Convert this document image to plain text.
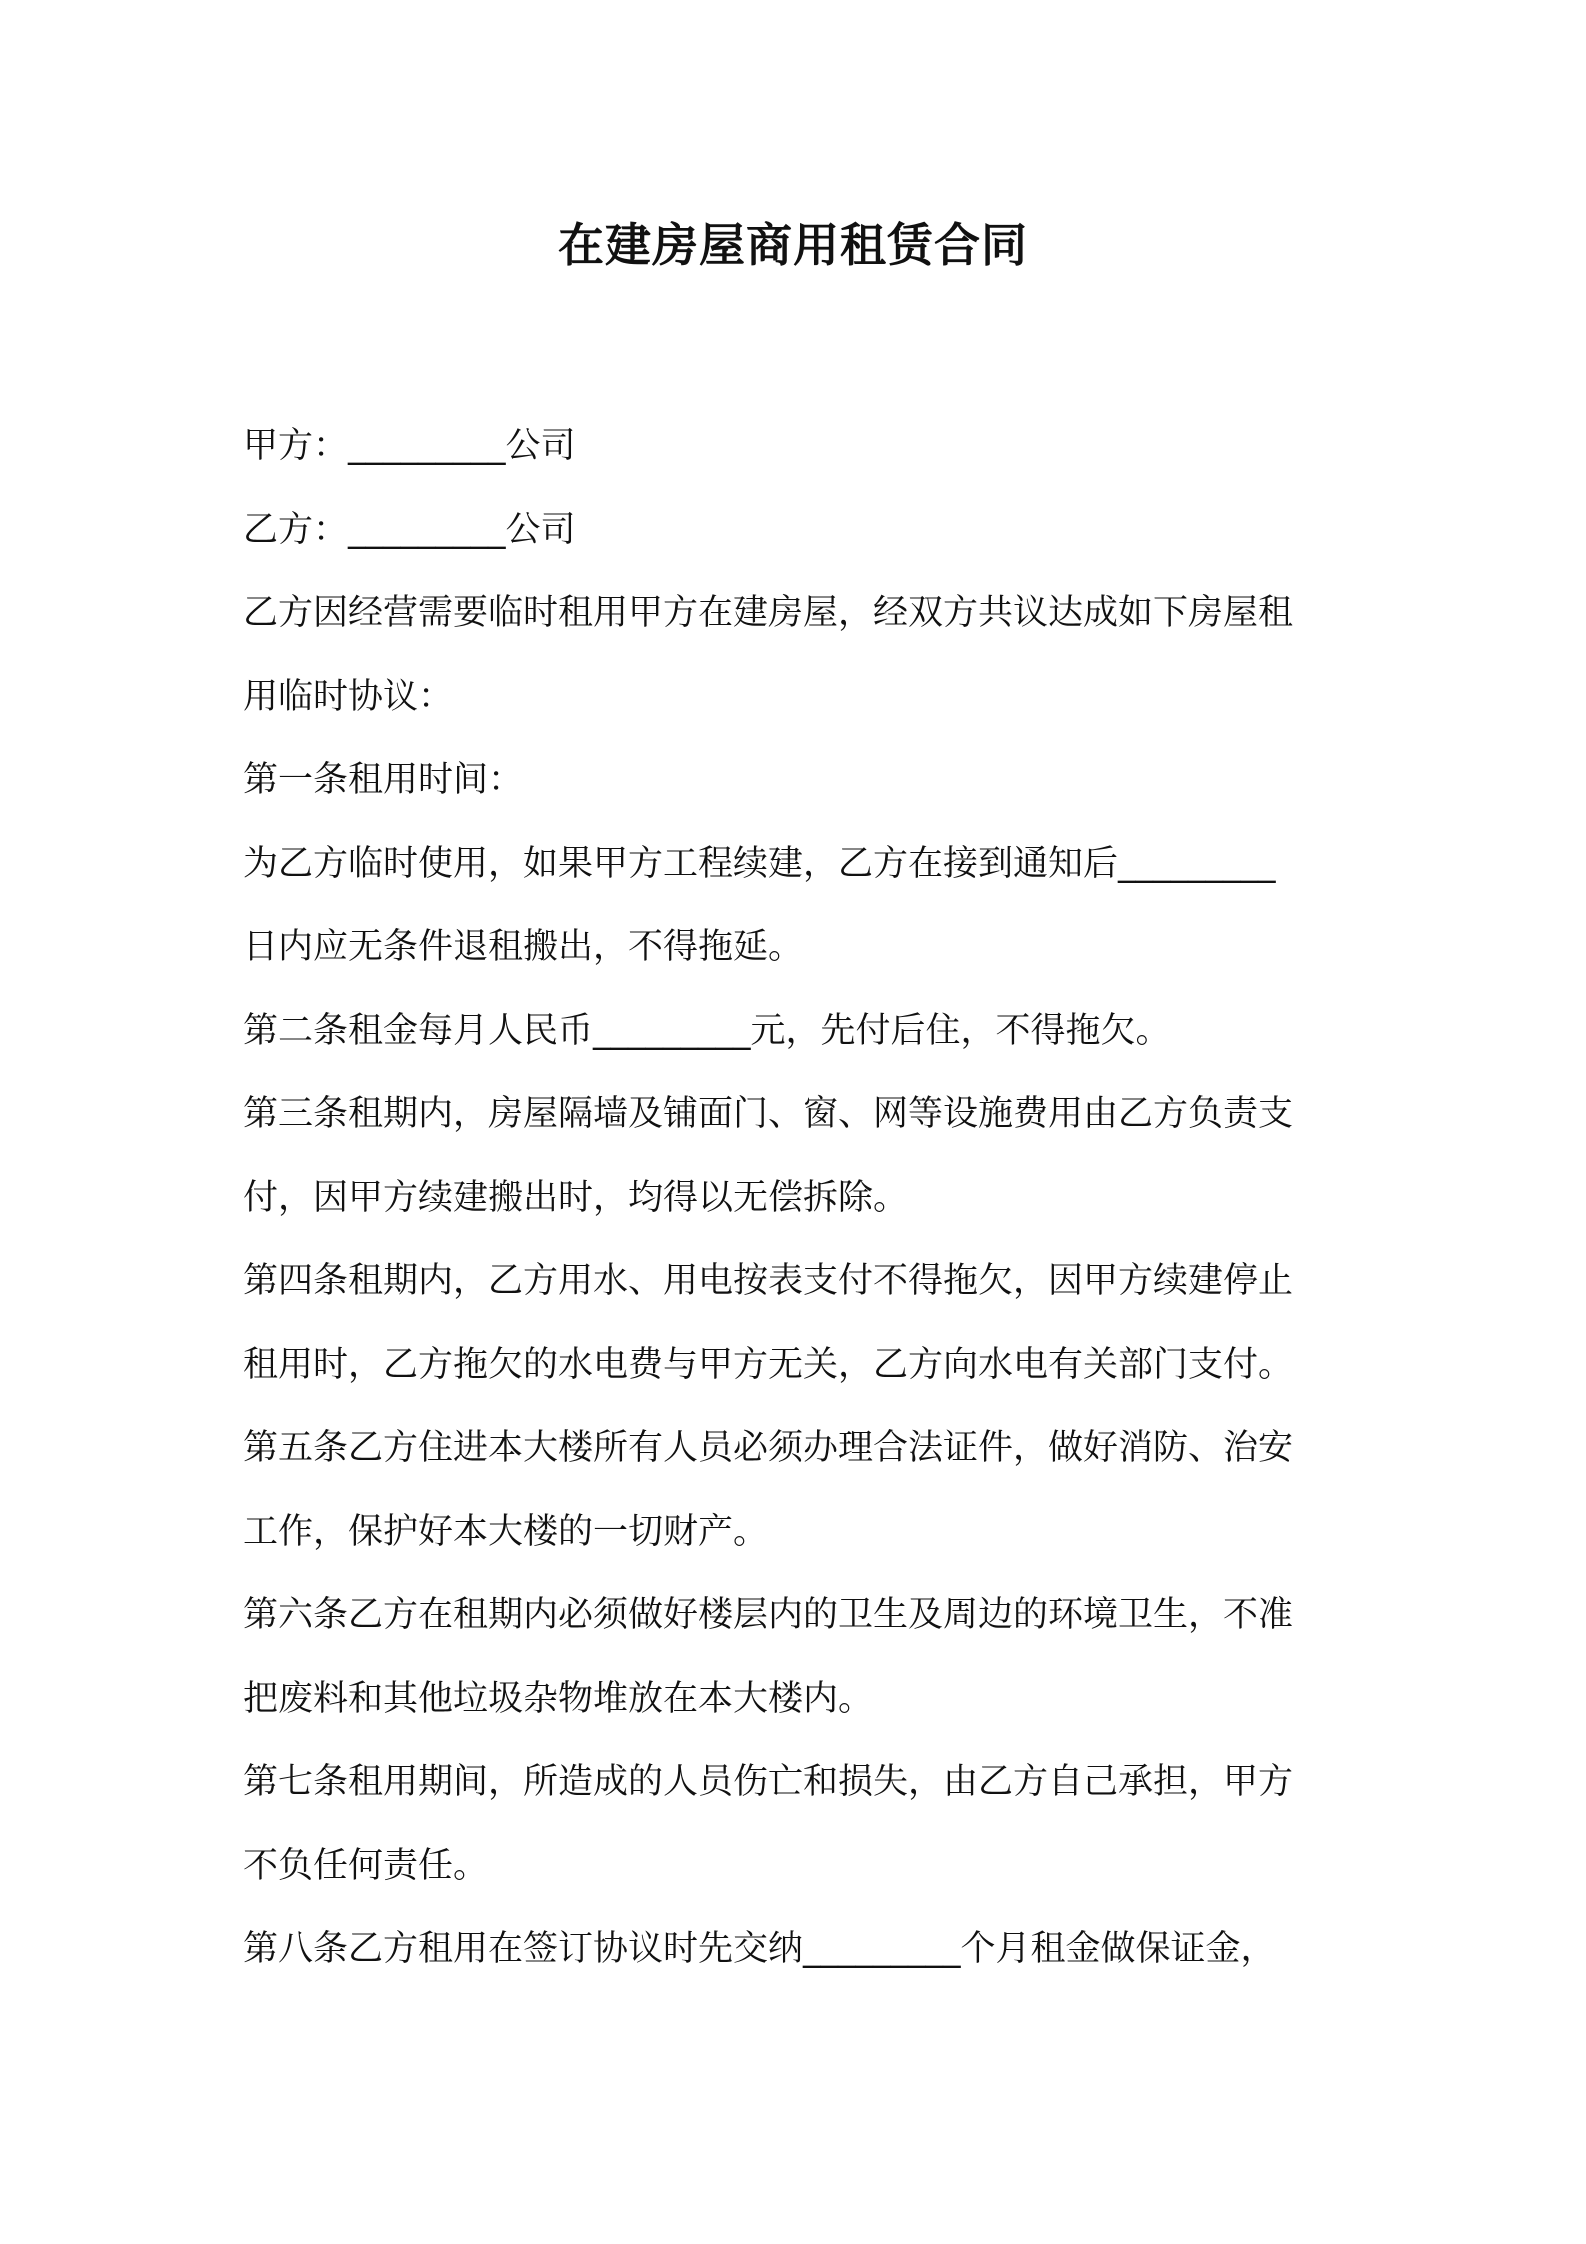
在建房屋商用租赁合同
甲方：_________公司
乙方：_________公司
乙方因经营需要临时租用甲方在建房屋，经双方共议达成如下房屋租
用临时协议：
第一条租用时间：
为乙方临时使用，如果甲方工程续建，乙方在接到通知后_________
日内应无条件退租搬出，不得拖延。
第二条租金每月人民币_________元，先付后住，不得拖欠。
第三条租期内，房屋隔墙及铺面门、窗、网等设施费用由乙方负责支
付，因甲方续建搬出时，均得以无偿拆除。
第四条租期内，乙方用水、用电按表支付不得拖欠，因甲方续建停止
租用时，乙方拖欠的水电费与甲方无关，乙方向水电有关部门支付。
第五条乙方住进本大楼所有人员必须办理合法证件，做好消防、治安
工作，保护好本大楼的一切财产。
第六条乙方在租期内必须做好楼层内的卫生及周边的环境卫生，不准
把废料和其他垃圾杂物堆放在本大楼内。
第七条租用期间，所造成的人员伤亡和损失，由乙方自己承担，甲方
不负任何责任。
第八条乙方租用在签订协议时先交纳_________个月租金做保证金，
